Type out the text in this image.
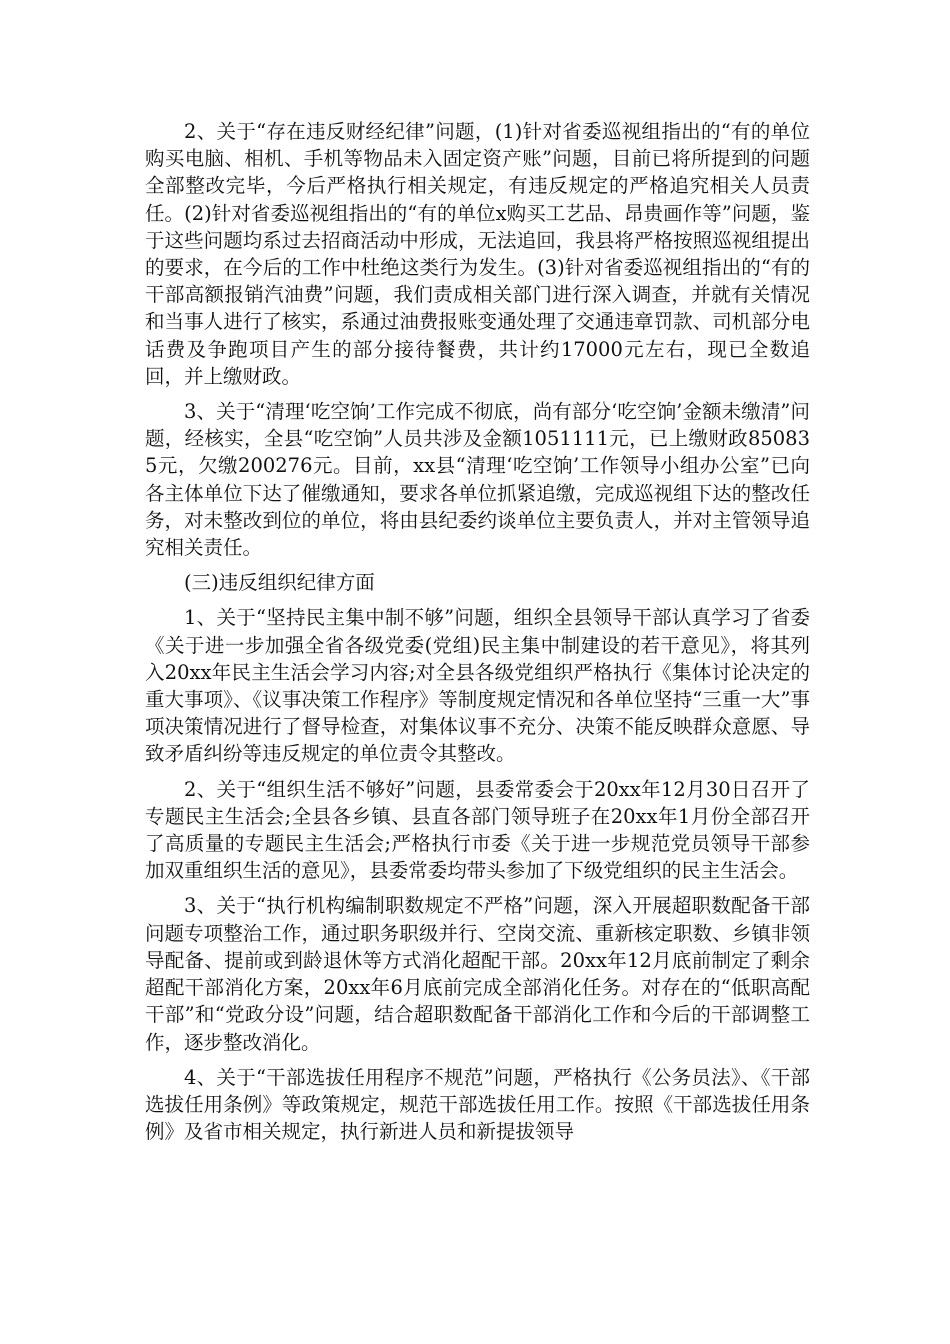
2、关于“存在违反财经纪律”问题，(1)针对省委巡视组指出的“有的单位购买电脑、相机、手机等物品未入固定资产账”问题，目前已将所提到的问题全部整改完毕，今后严格执行相关规定，有违反规定的严格追究相关人员责任。(2)针对省委巡视组指出的“有的单位x购买工艺品、昂贵画作等”问题，鉴于这些问题均系过去招商活动中形成，无法追回，我县将严格按照巡视组提出的要求，在今后的工作中杜绝这类行为发生。(3)针对省委巡视组指出的“有的干部高额报销汽油费”问题，我们责成相关部门进行深入调查，并就有关情况和当事人进行了核实，系通过油费报账变通处理了交通违章罚款、司机部分电话费及争跑项目产生的部分接待餐费，共计约17000元左右，现已全数追回，并上缴财政。

3、关于“清理‘吃空饷’工作完成不彻底，尚有部分‘吃空饷’金额未缴清”问题，经核实，全县“吃空饷”人员共涉及金额1051111元，已上缴财政850835元，欠缴200276元。目前，xx县“清理‘吃空饷’工作领导小组办公室”已向各主体单位下达了催缴通知，要求各单位抓紧追缴，完成巡视组下达的整改任务，对未整改到位的单位，将由县纪委约谈单位主要负责人，并对主管领导追究相关责任。

(三)违反组织纪律方面

1、关于“坚持民主集中制不够”问题，组织全县领导干部认真学习了省委《关于进一步加强全省各级党委(党组)民主集中制建设的若干意见》，将其列入20xx年民主生活会学习内容;对全县各级党组织严格执行《集体讨论决定的重大事项》、《议事决策工作程序》等制度规定情况和各单位坚持“三重一大”事项决策情况进行了督导检查，对集体议事不充分、决策不能反映群众意愿、导致矛盾纠纷等违反规定的单位责令其整改。

2、关于“组织生活不够好”问题，县委常委会于20xx年12月30日召开了专题民主生活会;全县各乡镇、县直各部门领导班子在20xx年1月份全部召开了高质量的专题民主生活会;严格执行市委《关于进一步规范党员领导干部参加双重组织生活的意见》，县委常委均带头参加了下级党组织的民主生活会。

3、关于“执行机构编制职数规定不严格”问题，深入开展超职数配备干部问题专项整治工作，通过职务职级并行、空岗交流、重新核定职数、乡镇非领导配备、提前或到龄退休等方式消化超配干部。20xx年12月底前制定了剩余超配干部消化方案，20xx年6月底前完成全部消化任务。对存在的“低职高配干部”和“党政分设”问题，结合超职数配备干部消化工作和今后的干部调整工作，逐步整改消化。

4、关于“干部选拔任用程序不规范”问题，严格执行《公务员法》、《干部选拔任用条例》等政策规定，规范干部选拔任用工作。按照《干部选拔任用条例》及省市相关规定，执行新进人员和新提拔领导
